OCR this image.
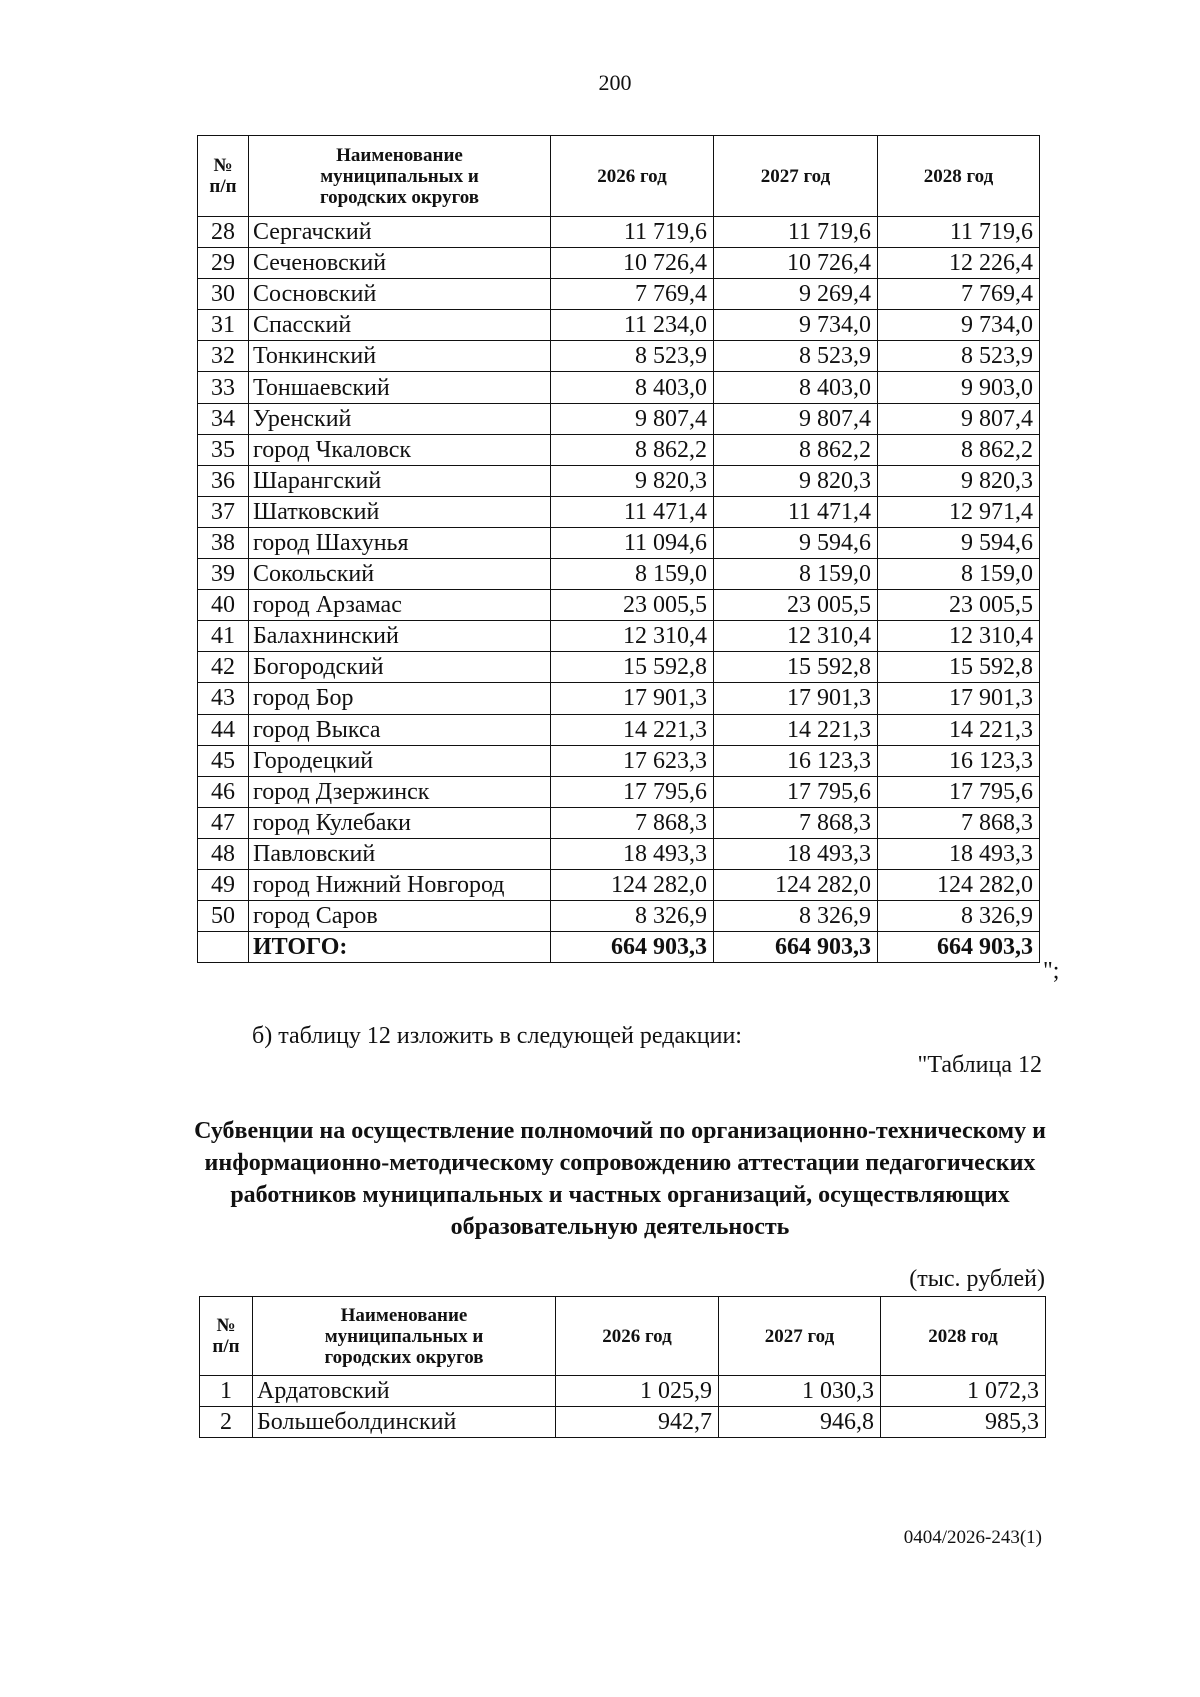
200
№ п/п	Наименование муниципальных и городских округов	2026 год	2027 год	2028 год
28	Сергачский	11 719,6	11 719,6	11 719,6
29	Сеченовский	10 726,4	10 726,4	12 226,4
30	Сосновский	7 769,4	9 269,4	7 769,4
31	Спасский	11 234,0	9 734,0	9 734,0
32	Тонкинский	8 523,9	8 523,9	8 523,9
33	Тоншаевский	8 403,0	8 403,0	9 903,0
34	Уренский	9 807,4	9 807,4	9 807,4
35	город Чкаловск	8 862,2	8 862,2	8 862,2
36	Шарангский	9 820,3	9 820,3	9 820,3
37	Шатковский	11 471,4	11 471,4	12 971,4
38	город Шахунья	11 094,6	9 594,6	9 594,6
39	Сокольский	8 159,0	8 159,0	8 159,0
40	город Арзамас	23 005,5	23 005,5	23 005,5
41	Балахнинский	12 310,4	12 310,4	12 310,4
42	Богородский	15 592,8	15 592,8	15 592,8
43	город Бор	17 901,3	17 901,3	17 901,3
44	город Выкса	14 221,3	14 221,3	14 221,3
45	Городецкий	17 623,3	16 123,3	16 123,3
46	город Дзержинск	17 795,6	17 795,6	17 795,6
47	город Кулебаки	7 868,3	7 868,3	7 868,3
48	Павловский	18 493,3	18 493,3	18 493,3
49	город Нижний Новгород	124 282,0	124 282,0	124 282,0
50	город Саров	8 326,9	8 326,9	8 326,9
	ИТОГО:	664 903,3	664 903,3	664 903,3
";
б) таблицу 12 изложить в следующей редакции:
"Таблица 12
Субвенции на осуществление полномочий по организационно-техническому и информационно-методическому сопровождению аттестации педагогических работников муниципальных и частных организаций, осуществляющих образовательную деятельность
(тыс. рублей)
№ п/п	Наименование муниципальных и городских округов	2026 год	2027 год	2028 год
1	Ардатовский	1 025,9	1 030,3	1 072,3
2	Большеболдинский	942,7	946,8	985,3
0404/2026-243(1)
